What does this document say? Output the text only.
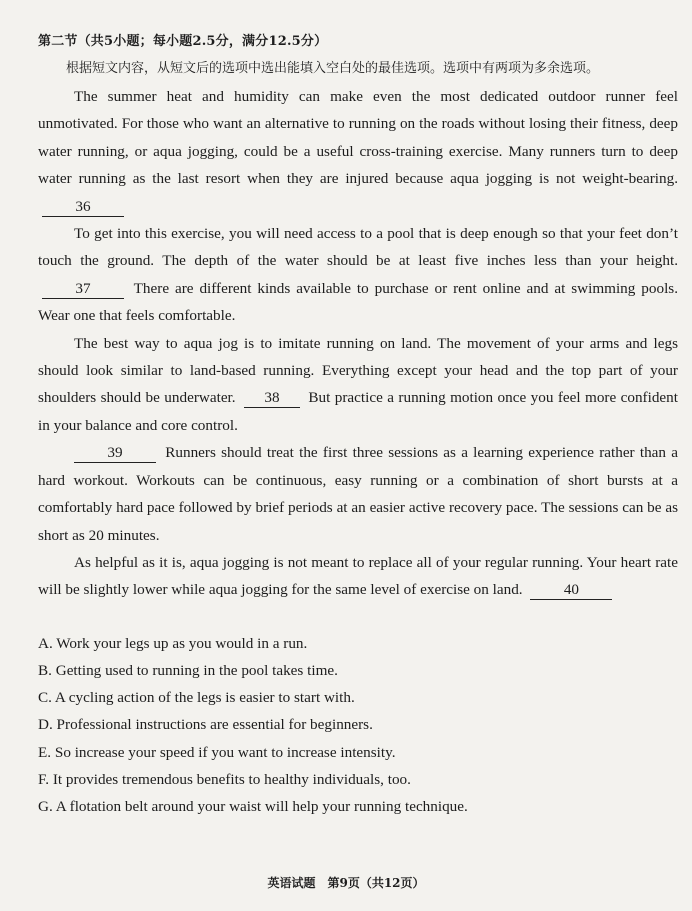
第二节（共5小题；每小题2.5分，满分12.5分）

根据短文内容，从短文后的选项中选出能填入空白处的最佳选项。选项中有两项为多余选项。

The summer heat and humidity can make even the most dedicated outdoor runner feel unmotivated. For those who want an alternative to running on the roads without losing their fitness, deep water running, or aqua jogging, could be a useful cross-training exercise. Many runners turn to deep water running as the last resort when they are injured because aqua jogging is not weight-bearing. 36

To get into this exercise, you will need access to a pool that is deep enough so that your feet don’t touch the ground. The depth of the water should be at least five inches less than your height. 37	There are different kinds available to purchase or rent online and at swimming pools. Wear one that feels comfortable.

The best way to aqua jog is to imitate running on land. The movement of your arms and legs should look similar to land-based running. Everything except your head and the top part of your shoulders should be underwater. 38 But practice a running motion once you feel more confident in your balance and core control.

39	Runners should treat the first three sessions as a learning experience rather than a hard workout. Workouts can be continuous, easy running or a combination of short bursts at a comfortably hard pace followed by brief periods at an easier active recovery pace. The sessions can be as short as 20 minutes.

As helpful as it is, aqua jogging is not meant to replace all of your regular running. Your heart rate will be slightly lower while aqua jogging for the same level of exercise on land.	40

A. Work your legs up as you would in a run.

B. Getting used to running in the pool takes time.

C. A cycling action of the legs is easier to start with.

D. Professional instructions are essential for beginners.

E. So increase your speed if you want to increase intensity.

F. It provides tremendous benefits to healthy individuals, too.

G. A flotation belt around your waist will help your running technique.

英语试题　第9页（共12页）
